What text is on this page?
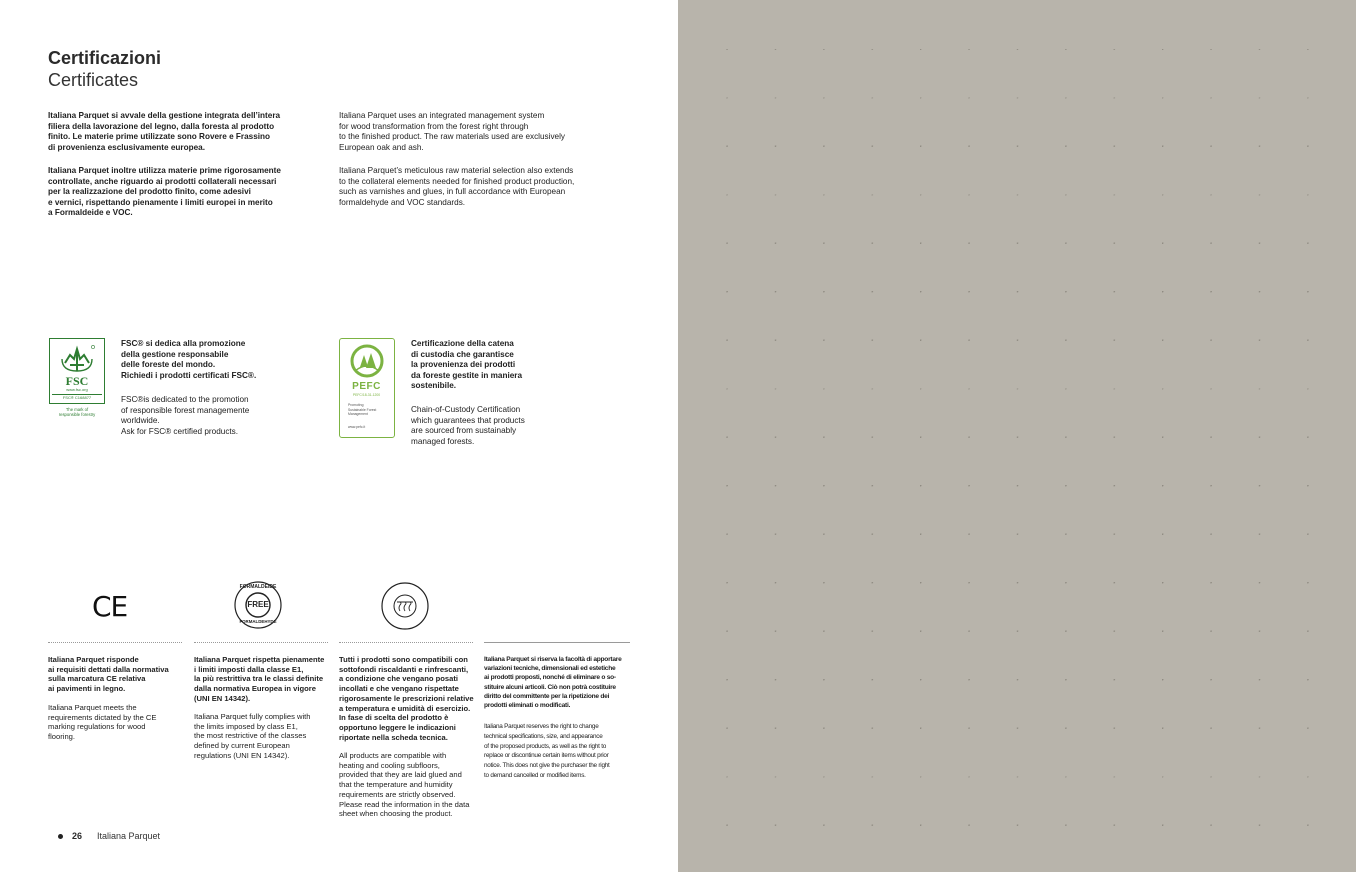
Certificazioni
Certificates
Italiana Parquet si avvale della gestione integrata dell’intera
filiera della lavorazione del legno, dalla foresta al prodotto
finito. Le materie prime utilizzate sono Rovere e Frassino
di provenienza esclusivamente europea.
Italiana Parquet inoltre utilizza materie prime rigorosamente
controllate, anche riguardo ai prodotti collaterali necessari
per la realizzazione del prodotto finito, come adesivi
e vernici, rispettando pienamente i limiti europei in merito
a Formaldeide e VOC.
Italiana Parquet uses an integrated management system
for wood transformation from the forest right through
to the finished product. The raw materials used are exclusively
European oak and ash.
Italiana Parquet’s meticulous raw material selection also extends
to the collateral elements needed for finished product production,
such as varnishes and glues, in full accordance with European
formaldehyde and VOC standards.
FSC
www.fsc.org
FSC® C168877
The mark of
responsible forestry
FSC® si dedica alla promozione
della gestione responsabile
delle foreste del mondo.
Richiedi i prodotti certificati FSC®.
FSC®is dedicated to the promotion
of responsible forest managemente
worldwide.
Ask for FSC® certified products.
PEFC
PEFC/18-31-1200
Promoting
Sustainable Forest
Management
www.pefc.it
Certificazione della catena
di custodia che garantisce
la provenienza dei prodotti
da foreste gestite in maniera
sostenibile.
Chain-of-Custody Certification
which guarantees that products
are sourced from sustainably
managed forests.
CE
FORMALDEIDE
FREE
FORMALDEHYDE
Italiana Parquet risponde
ai requisiti dettati dalla normativa
sulla marcatura CE relativa
ai pavimenti in legno.
Italiana Parquet meets the
requirements dictated by the CE
marking regulations for wood
flooring.
Italiana Parquet rispetta pienamente
i limiti imposti dalla classe E1,
la più restrittiva tra le classi definite
dalla normativa Europea in vigore
(UNI EN 14342).
Italiana Parquet fully complies with
the limits imposed by class E1,
the most restrictive of the classes
defined by current European
regulations (UNI EN 14342).
Tutti i prodotti sono compatibili con
sottofondi riscaldanti e rinfrescanti,
a condizione che vengano posati
incollati e che vengano rispettate
rigorosamente le prescrizioni relative
a temperatura e umidità di esercizio.
In fase di scelta del prodotto è
opportuno leggere le indicazioni
riportate nella scheda tecnica.
All products are compatible with
heating and cooling subfloors,
provided that they are laid glued and
that the temperature and humidity
requirements are strictly observed.
Please read the information in the data
sheet when choosing the product.
Italiana Parquet si riserva la facoltà di apportare
variazioni tecniche, dimensionali ed estetiche
ai prodotti proposti, nonché di eliminare o so-
stituire alcuni articoli. Ciò non potrà costituire
diritto del committente per la ripetizione dei
prodotti eliminati o modificati.
Italiana Parquet reserves the right to change
technical specifications, size, and appearance
of the proposed products, as well as the right to
replace or discontinue certain items without prior
notice. This does not give the purchaser the right
to demand cancelled or modified items.
26 Italiana Parquet
